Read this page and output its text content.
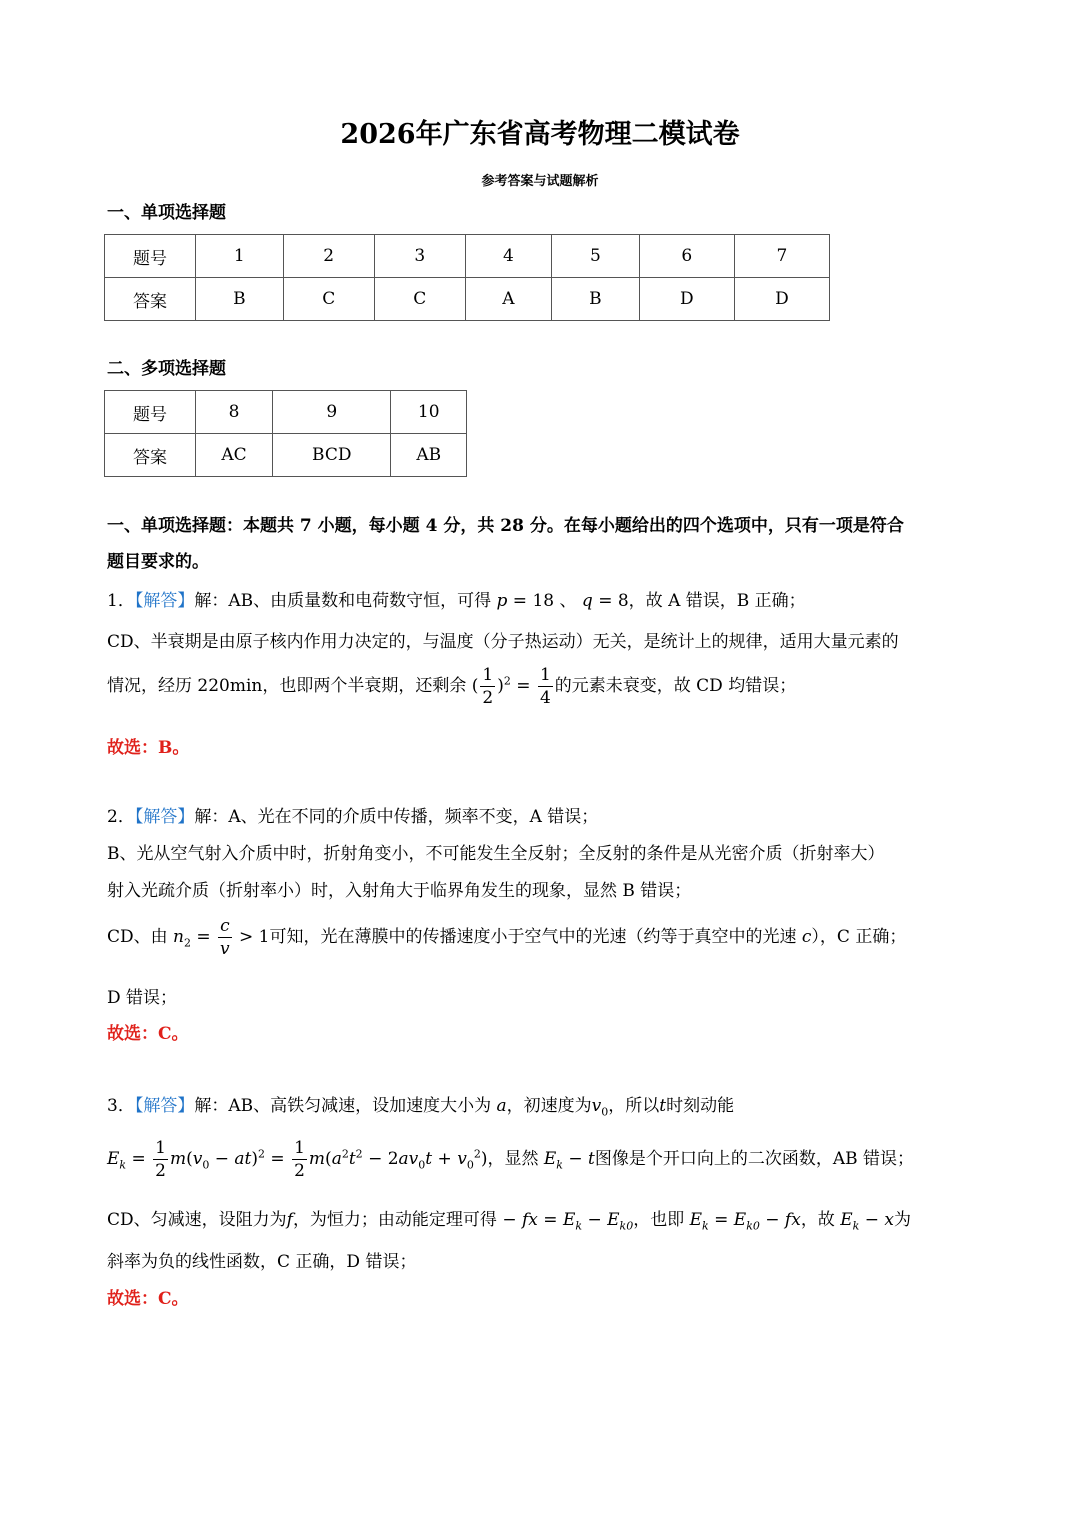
2026年广东省高考物理二模试卷
参考答案与试题解析
一、单项选择题
题号	1	2	3	4	5	6	7
答案	B	C	C	A	B	D	D
二、多项选择题
题号	8	9	10
答案	AC	BCD	AB
一、单项选择题：本题共 7 小题，每小题 4 分，共 28 分。在每小题给出的四个选项中，只有一项是符合
题目要求的。
1．【解答】解：AB、由质量数和电荷数守恒，可得 p = 18 、 q = 8，故 A 错误，B 正确；
CD、半衰期是由原子核内作用力决定的，与温度（分子热运动）无关，是统计上的规律，适用大量元素的
情况，经历 220min，也即两个半衰期，还剩余 ( $\frac{1}{2} )^2 = \frac{1}{4}$ 的元素未衰变，故 CD 均错误；
故选：B。
2．【解答】解：A、光在不同的介质中传播，频率不变，A 错误；
B、光从空气射入介质中时，折射角变小，不可能发生全反射；全反射的条件是从光密介质（折射率大）
射入光疏介质（折射率小）时，入射角大于临界角发生的现象，显然 B 错误；
CD、由 $n_2 = \frac{c}{v} > 1$可知，光在薄膜中的传播速度小于空气中的光速（约等于真空中的光速 c），C 正确；
D 错误；
故选：C。
3．【解答】解：AB、高铁匀减速，设加速度大小为 a，初速度为$v_0$，所以t时刻动能
$E_k = \frac{1}{2} m(v_0 - at)^2 = \frac{1}{2} m(a^2t^2 - 2av_0t + v_0^2)$，显然 $E_k - t$图像是个开口向上的二次函数，AB 错误；
CD、匀减速，设阻力为f，为恒力；由动能定理可得 − fx = $E_k - E_{k0}$，也即 $E_k = E_{k0}$ − fx，故 $E_k - x$为
斜率为负的线性函数，C 正确，D 错误；
故选：C。
